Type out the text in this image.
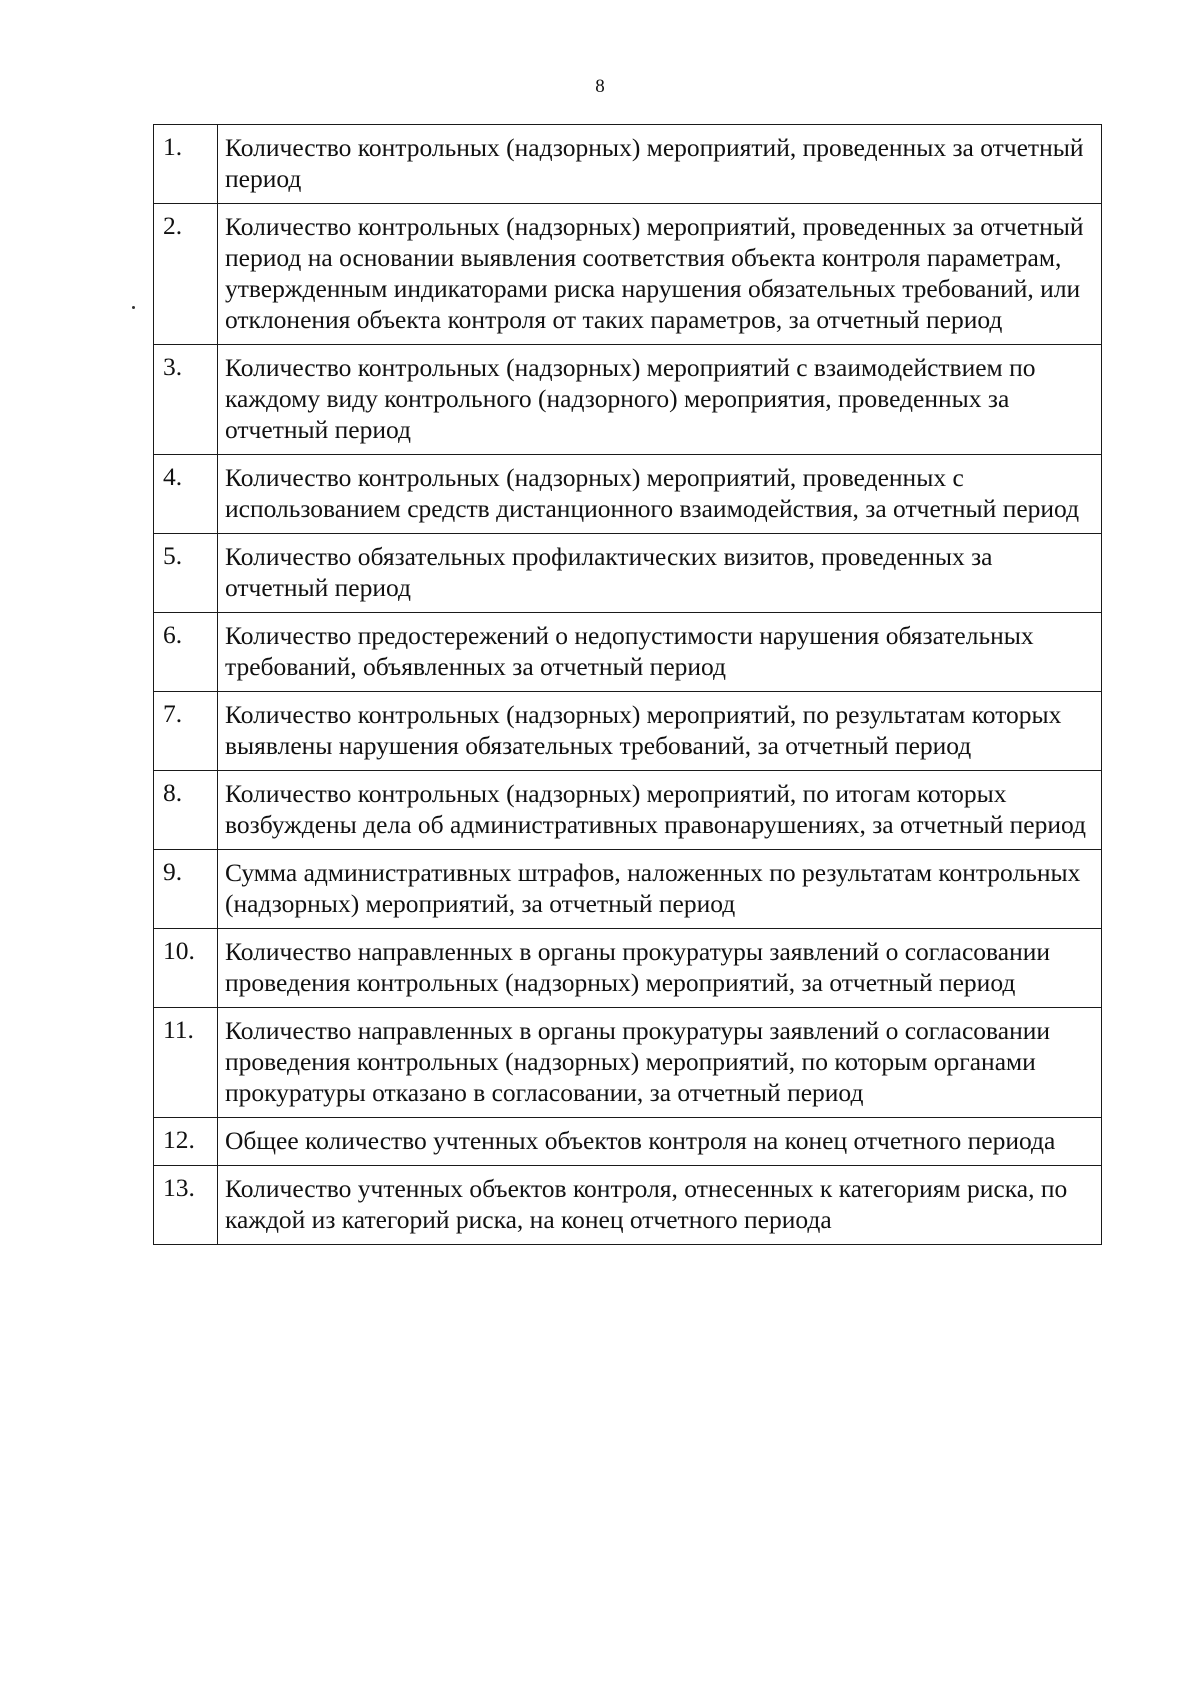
8
1.	Количество контрольных (надзорных) мероприятий, проведенных за отчетный период
2.	Количество контрольных (надзорных) мероприятий, проведенных за отчетный период на основании выявления соответствия объекта контроля параметрам, утвержденным индикаторами риска нарушения обязательных требований, или отклонения объекта контроля от таких параметров, за отчетный период
3.	Количество контрольных (надзорных) мероприятий с взаимодействием по каждому виду контрольного (надзорного) мероприятия, проведенных за отчетный период
4.	Количество контрольных (надзорных) мероприятий, проведенных с использованием средств дистанционного взаимодействия, за отчетный период
5.	Количество обязательных профилактических визитов, проведенных за отчетный период
6.	Количество предостережений о недопустимости нарушения обязательных требований, объявленных за отчетный период
7.	Количество контрольных (надзорных) мероприятий, по результатам которых выявлены нарушения обязательных требований, за отчетный период
8.	Количество контрольных (надзорных) мероприятий, по итогам которых возбуждены дела об административных правонарушениях, за отчетный период
9.	Сумма административных штрафов, наложенных по результатам контрольных (надзорных) мероприятий, за отчетный период
10.	Количество направленных в органы прокуратуры заявлений о согласовании проведения контрольных (надзорных) мероприятий, за отчетный период
11.	Количество направленных в органы прокуратуры заявлений о согласовании проведения контрольных (надзорных) мероприятий, по которым органами прокуратуры отказано в согласовании, за отчетный период
12.	Общее количество учтенных объектов контроля на конец отчетного периода
13.	Количество учтенных объектов контроля, отнесенных к категориям риска, по каждой из категорий риска, на конец отчетного периода
